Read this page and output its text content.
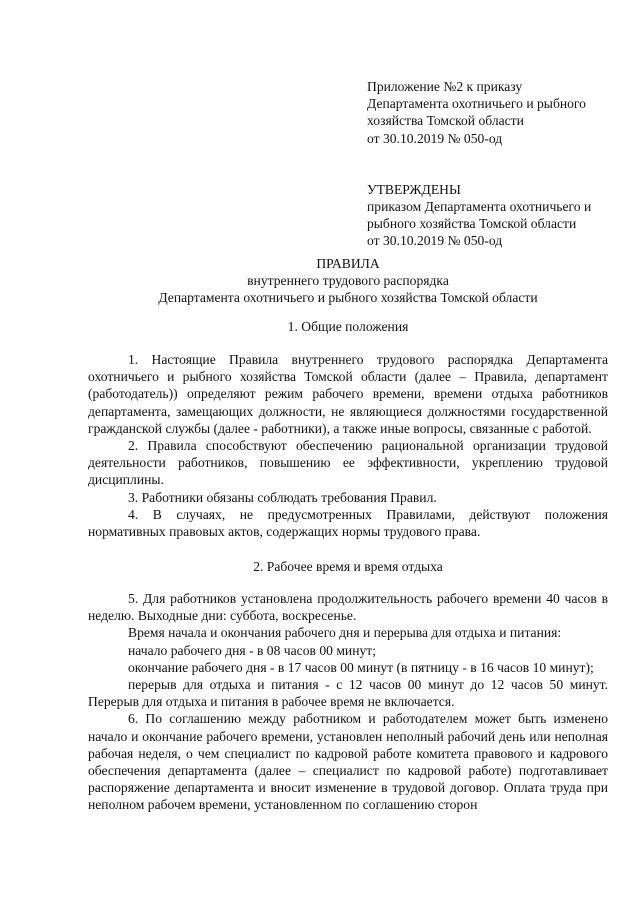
Приложение №2 к приказу
Департамента охотничьего и рыбного
хозяйства Томской области
от 30.10.2019 № 050-од
УТВЕРЖДЕНЫ
приказом Департамента охотничьего и
рыбного хозяйства Томской области
от 30.10.2019 № 050-од
ПРАВИЛА
внутреннего трудового распорядка
Департамента охотничьего и рыбного хозяйства Томской области
1. Общие положения

1. Настоящие Правила внутреннего трудового распорядка Департамента охотничьего и рыбного хозяйства Томской области (далее – Правила, департамент (работодатель)) определяют режим рабочего времени, времени отдыха работников департамента, замещающих должности, не являющиеся должностями государственной гражданской службы (далее - работники), а также иные вопросы, связанные с работой.

2. Правила способствуют обеспечению рациональной организации трудовой деятельности работников, повышению ее эффективности, укреплению трудовой дисциплины.

3. Работники обязаны соблюдать требования Правил.

4. В случаях, не предусмотренных Правилами, действуют положения нормативных правовых актов, содержащих нормы трудового права.

2. Рабочее время и время отдыха

5. Для работников установлена продолжительность рабочего времени 40 часов в неделю. Выходные дни: суббота, воскресенье.

Время начала и окончания рабочего дня и перерыва для отдыха и питания:

начало рабочего дня - в 08 часов 00 минут;

окончание рабочего дня - в 17 часов 00 минут (в пятницу - в 16 часов 10 минут);

перерыв для отдыха и питания - с 12 часов 00 минут до 12 часов 50 минут. Перерыв для отдыха и питания в рабочее время не включается.

6. По соглашению между работником и работодателем может быть изменено начало и окончание рабочего времени, установлен неполный рабочий день или неполная рабочая неделя, о чем специалист по кадровой работе комитета правового и кадрового обеспечения департамента (далее – специалист по кадровой работе) подготавливает распоряжение департамента и вносит изменение в трудовой договор. Оплата труда при неполном рабочем времени, установленном по соглашению сторон
